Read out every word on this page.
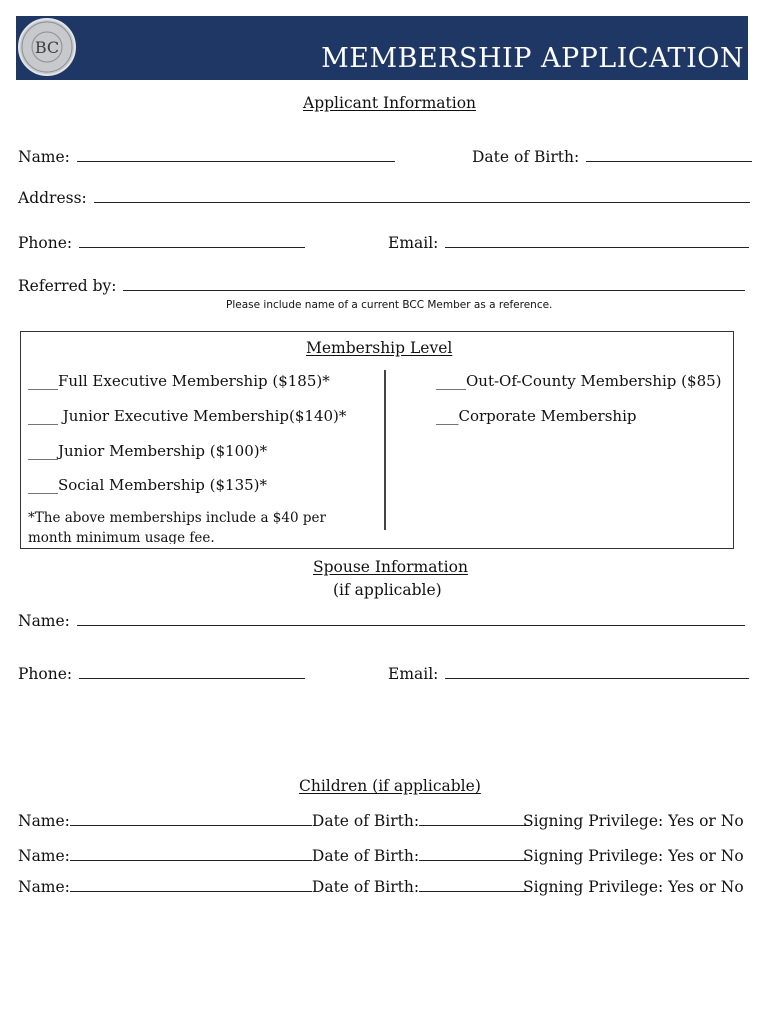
BC	MEMBERSHIP APPLICATION
Applicant Information
Name:	Date of Birth:
Address:
Phone:	Email:
Referred by:
Please include name of a current BCC Member as a reference.
Membership Level
____Full Executive Membership ($185)*
____ Junior Executive Membership($140)*
____Junior Membership ($100)*
____Social Membership ($135)*
____Out-Of-County Membership ($85)
___Corporate Membership
*The above memberships include a $40 per month minimum usage fee.
Spouse Information
(if applicable)
Name:
Phone:	Email:
Children (if applicable)
Name:	Date of Birth:	Signing Privilege: Yes or No
Name:	Date of Birth:	Signing Privilege: Yes or No
Name:	Date of Birth:	Signing Privilege: Yes or No
